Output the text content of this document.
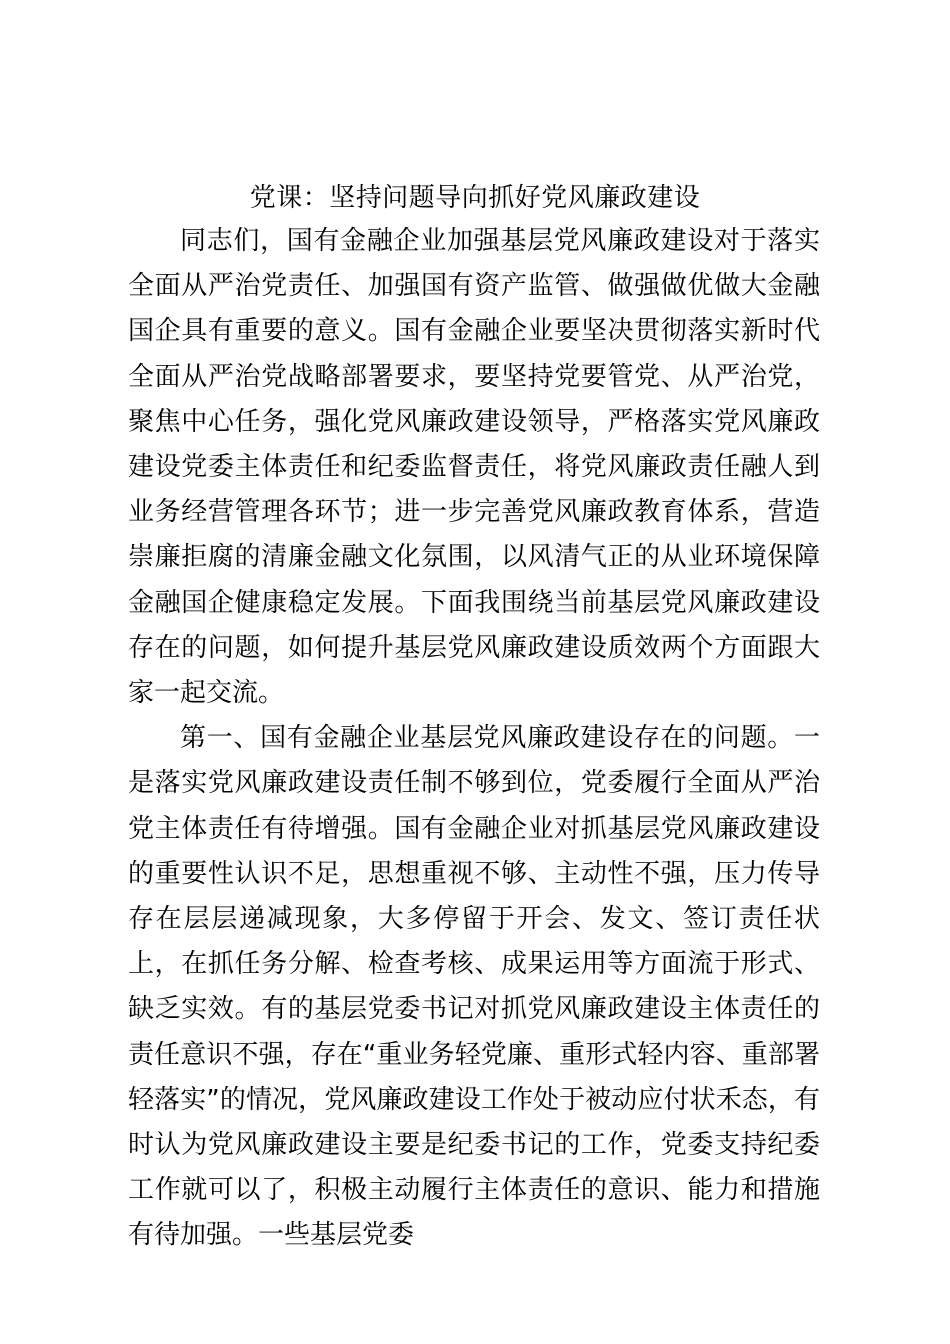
党课：坚持问题导向抓好党风廉政建设

同志们，国有金融企业加强基层党风廉政建设对于落实全面从严治党责任、加强国有资产监管、做强做优做大金融国企具有重要的意义。国有金融企业要坚决贯彻落实新时代全面从严治党战略部署要求，要坚持党要管党、从严治党，聚焦中心任务，强化党风廉政建设领导，严格落实党风廉政建设党委主体责任和纪委监督责任，将党风廉政责任融人到业务经营管理各环节；进一步完善党风廉政教育体系，营造崇廉拒腐的清廉金融文化氛围，以风清气正的从业环境保障金融国企健康稳定发展。下面我围绕当前基层党风廉政建设存在的问题，如何提升基层党风廉政建设质效两个方面跟大家一起交流。

第一、国有金融企业基层党风廉政建设存在的问题。一是落实党风廉政建设责任制不够到位，党委履行全面从严治党主体责任有待增强。国有金融企业对抓基层党风廉政建设的重要性认识不足，思想重视不够、主动性不强，压力传导存在层层递减现象，大多停留于开会、发文、签订责任状上，在抓任务分解、检查考核、成果运用等方面流于形式、缺乏实效。有的基层党委书记对抓党风廉政建设主体责任的责任意识不强，存在“重业务轻党廉、重形式轻内容、重部署轻落实”的情况，党风廉政建设工作处于被动应付状禾态，有时认为党风廉政建设主要是纪委书记的工作，党委支持纪委工作就可以了，积极主动履行主体责任的意识、能力和措施有待加强。一些基层党委
